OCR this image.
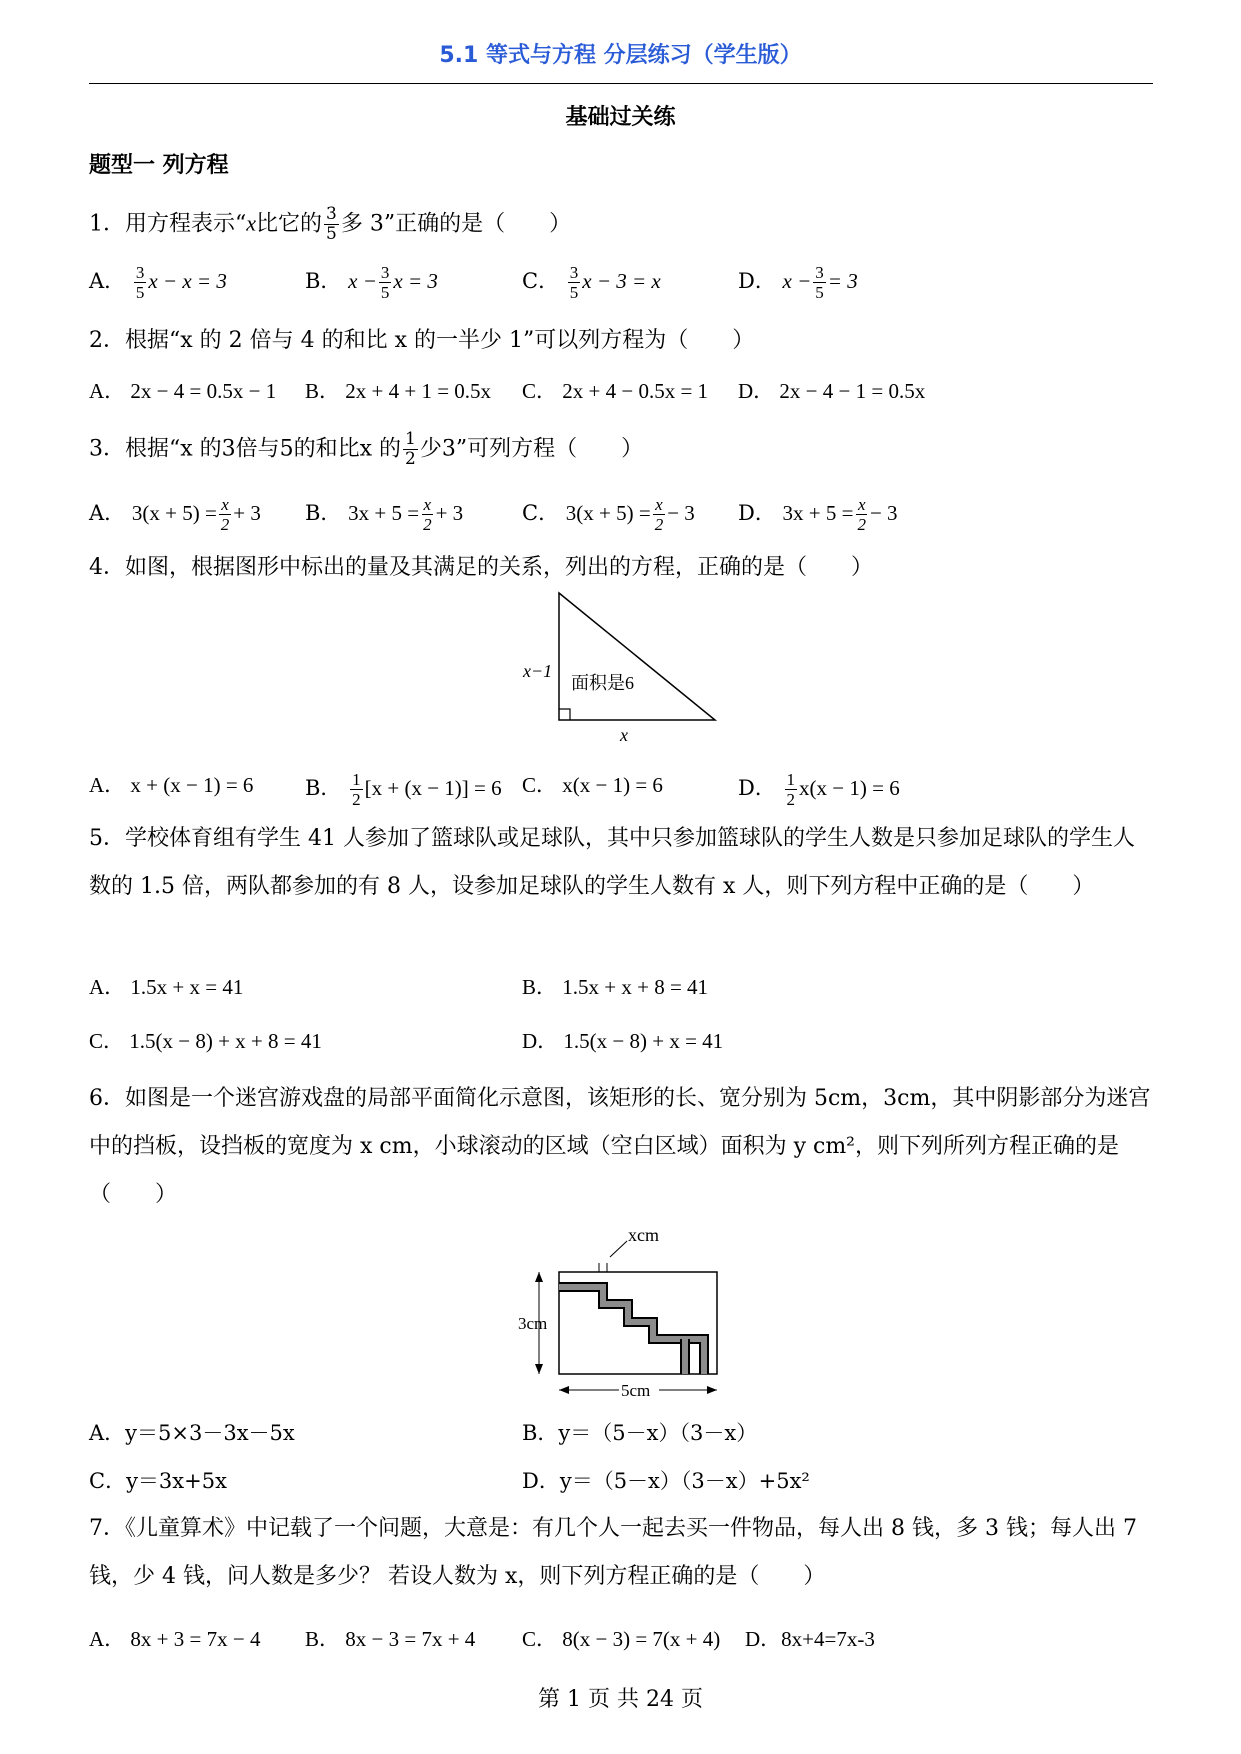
5.1 等式与方程 分层练习（学生版）
基础过关练
题型一 列方程
1．用方程表示“x比它的 $\frac{3}{5}$ 多 3”正确的是（　　）
A． $\frac{3}{5}$ x − x = 3	B． $x - \frac{3}{5}$ x = 3	C． $\frac{3}{5}$ x − 3 = x	D． $x - \frac{3}{5} = 3$
2．根据“x 的 2 倍与 4 的和比 x 的一半少 1”可以列方程为（　　）
A． 2x − 4 = 0.5x − 1 B． 2x + 4 + 1 = 0.5x C． 2x + 4 − 0.5x = 1 D． 2x − 4 − 1 = 0.5x
3．根据“x 的3倍与5的和比x 的 $\frac{1}{2}$ 少3”可列方程（　　）
A． $3(x + 5) = \frac{x}{2} + 3$ B． $3x + 5 = \frac{x}{2} + 3$	C． $3(x + 5) = \frac{x}{2} - 3$ D． $3x + 5 = \frac{x}{2} - 3$
4．如图，根据图形中标出的量及其满足的关系，列出的方程，正确的是（　　）
x−1
面积是6
x
A． x + (x − 1) = 6 B． $\frac{1}{2} [x + (x - 1)] = 6$ C． x(x − 1) = 6	D． $\frac{1}{2} x(x - 1) = 6$
5．学校体育组有学生 41 人参加了篮球队或足球队，其中只参加篮球队的学生人数是只参加足球队的学生人数的 1.5 倍，两队都参加的有 8 人，设参加足球队的学生人数有 x 人，则下列方程中正确的是（　　）
A． 1.5x + x = 41	B． 1.5x + x + 8 = 41
C． 1.5(x − 8) + x + 8 = 41	D． 1.5(x − 8) + x = 41
6．如图是一个迷宫游戏盘的局部平面简化示意图，该矩形的长、宽分别为 5cm，3cm，其中阴影部分为迷宫中的挡板，设挡板的宽度为 x cm，小球滚动的区域（空白区域）面积为 y cm²，则下列所列方程正确的是（　　）
xcm
3cm
5cm
A．y＝5×3－3x－5x	B．y＝（5－x）（3－x）
C．y＝3x+5x	D．y＝（5－x）（3－x）+5x²
7．《儿童算术》中记载了一个问题，大意是：有几个人一起去买一件物品，每人出 8 钱，多 3 钱；每人出 7 钱，少 4 钱，问人数是多少？ 若设人数为 x，则下列方程正确的是（　　）
A． 8x + 3 = 7x − 4 B． 8x − 3 = 7x + 4 C． 8(x − 3) = 7(x + 4) D．8x+4=7x-3
第 1 页 共 24 页
